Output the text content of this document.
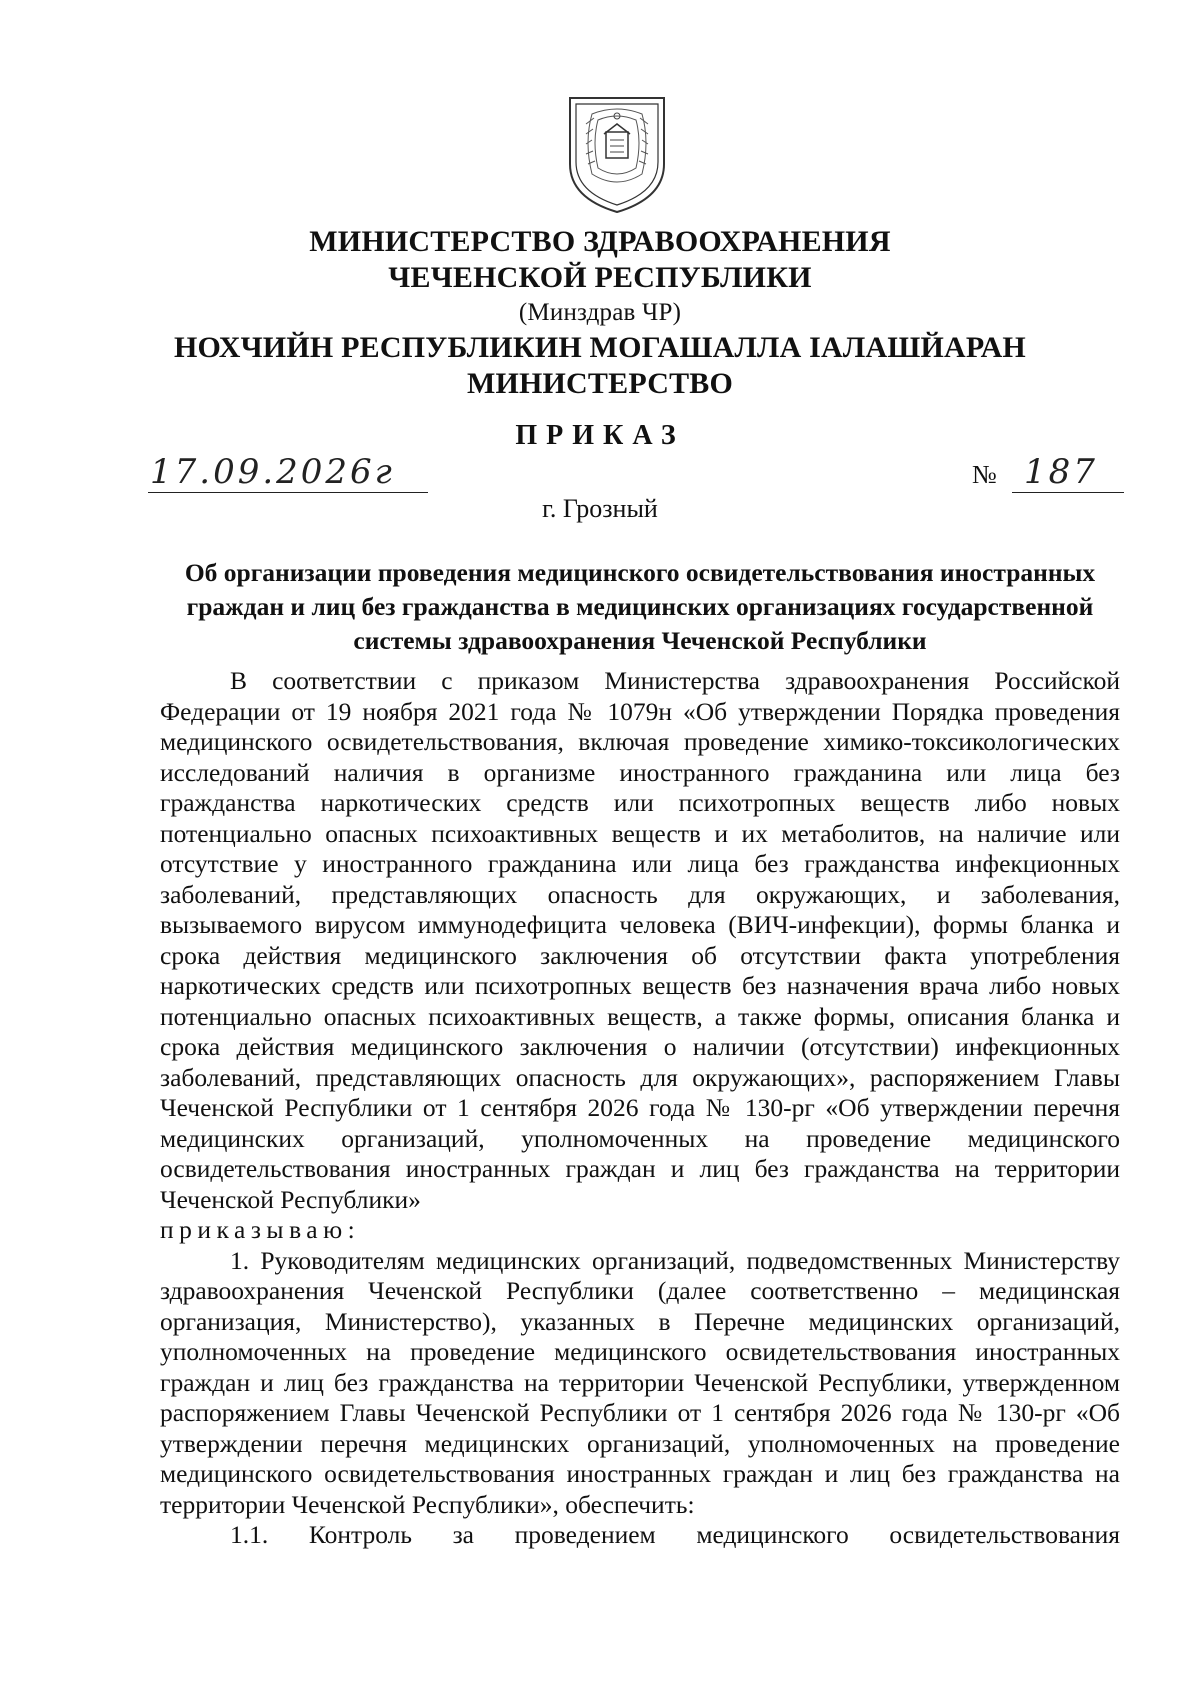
МИНИСТЕРСТВО ЗДРАВООХРАНЕНИЯ
ЧЕЧЕНСКОЙ РЕСПУБЛИКИ
(Минздрав ЧР)
НОХЧИЙН РЕСПУБЛИКИН МОГАШАЛЛА IАЛАШЙАРАН
МИНИСТЕРСТВО
ПРИКАЗ
17.09.2026г	№ 187
г. Грозный
Об организации проведения медицинского освидетельствования иностранных граждан и лиц без гражданства в медицинских организациях государственной системы здравоохранения Чеченской Республики

В соответствии с приказом Министерства здравоохранения Российской Федерации от 19 ноября 2021 года № 1079н «Об утверждении Порядка проведения медицинского освидетельствования, включая проведение химико-токсикологических исследований наличия в организме иностранного гражданина или лица без гражданства наркотических средств или психотропных веществ либо новых потенциально опасных психоактивных веществ и их метаболитов, на наличие или отсутствие у иностранного гражданина или лица без гражданства инфекционных заболеваний, представляющих опасность для окружающих, и заболевания, вызываемого вирусом иммунодефицита человека (ВИЧ-инфекции), формы бланка и срока действия медицинского заключения об отсутствии факта употребления наркотических средств или психотропных веществ без назначения врача либо новых потенциально опасных психоактивных веществ, а также формы, описания бланка и срока действия медицинского заключения о наличии (отсутствии) инфекционных заболеваний, представляющих опасность для окружающих», распоряжением Главы Чеченской Республики от 1 сентября 2026 года № 130-рг «Об утверждении перечня медицинских организаций, уполномоченных на проведение медицинского освидетельствования иностранных граждан и лиц без гражданства на территории Чеченской Республики»

приказываю:

1. Руководителям медицинских организаций, подведомственных Министерству здравоохранения Чеченской Республики (далее соответственно – медицинская организация, Министерство), указанных в Перечне медицинских организаций, уполномоченных на проведение медицинского освидетельствования иностранных граждан и лиц без гражданства на территории Чеченской Республики, утвержденном распоряжением Главы Чеченской Республики от 1 сентября 2026 года № 130-рг «Об утверждении перечня медицинских организаций, уполномоченных на проведение медицинского освидетельствования иностранных граждан и лиц без гражданства на территории Чеченской Республики», обеспечить:

1.1. Контроль за проведением медицинского освидетельствования
